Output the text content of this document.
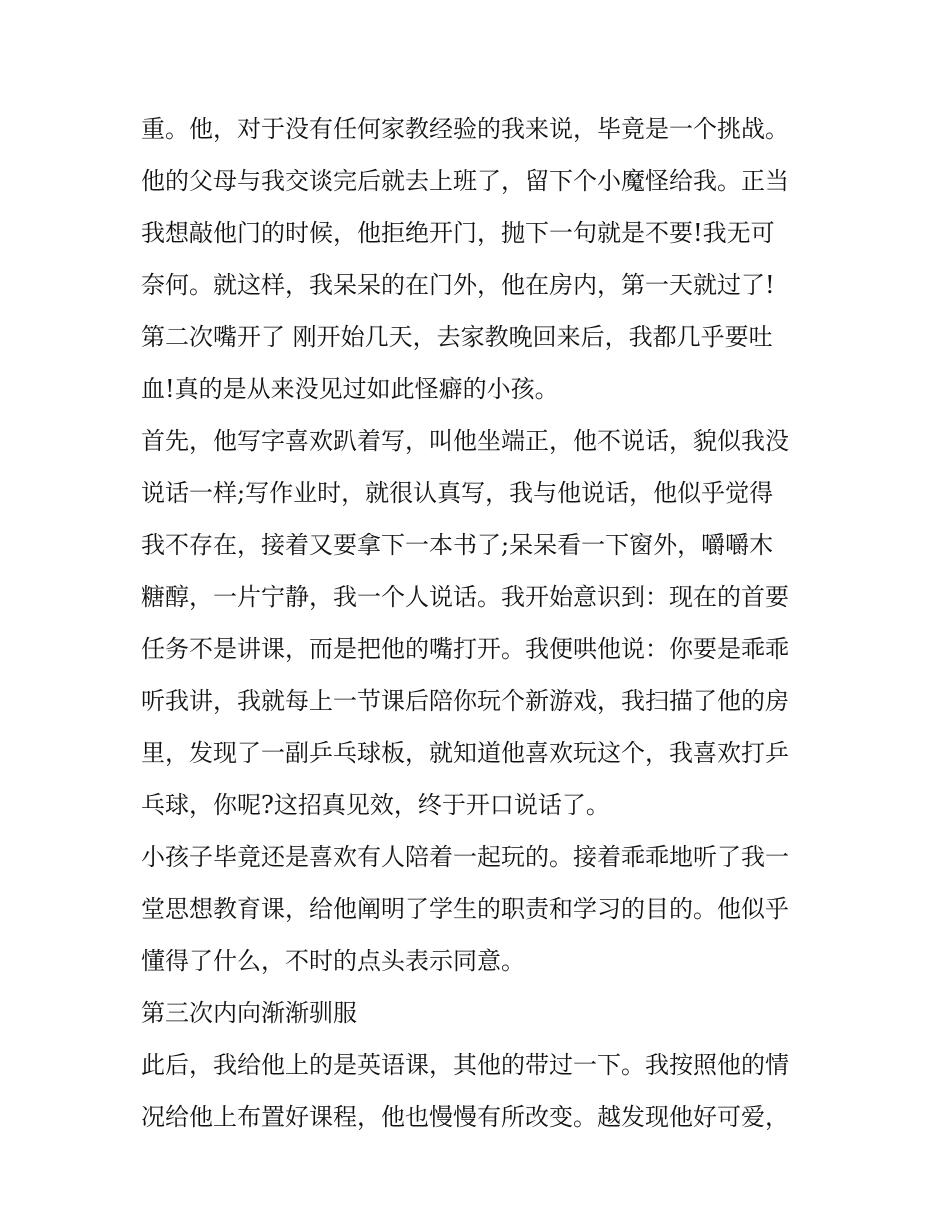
重。他，对于没有任何家教经验的我来说，毕竟是一个挑战。
他的父母与我交谈完后就去上班了，留下个小魔怪给我。正当
我想敲他门的时候，他拒绝开门，抛下一句就是不要!我无可
奈何。就这样，我呆呆的在门外，他在房内，第一天就过了!
第二次嘴开了 刚开始几天，去家教晚回来后，我都几乎要吐
血!真的是从来没见过如此怪癖的小孩。
首先，他写字喜欢趴着写，叫他坐端正，他不说话，貌似我没
说话一样;写作业时，就很认真写，我与他说话，他似乎觉得
我不存在，接着又要拿下一本书了;呆呆看一下窗外，嚼嚼木
糖醇，一片宁静，我一个人说话。我开始意识到：现在的首要
任务不是讲课，而是把他的嘴打开。我便哄他说：你要是乖乖
听我讲，我就每上一节课后陪你玩个新游戏，我扫描了他的房
里，发现了一副乒乓球板，就知道他喜欢玩这个，我喜欢打乒
乓球，你呢?这招真见效，终于开口说话了。
小孩子毕竟还是喜欢有人陪着一起玩的。接着乖乖地听了我一
堂思想教育课，给他阐明了学生的职责和学习的目的。他似乎
懂得了什么，不时的点头表示同意。
第三次内向渐渐驯服
此后，我给他上的是英语课，其他的带过一下。我按照他的情
况给他上布置好课程，他也慢慢有所改变。越发现他好可爱，
